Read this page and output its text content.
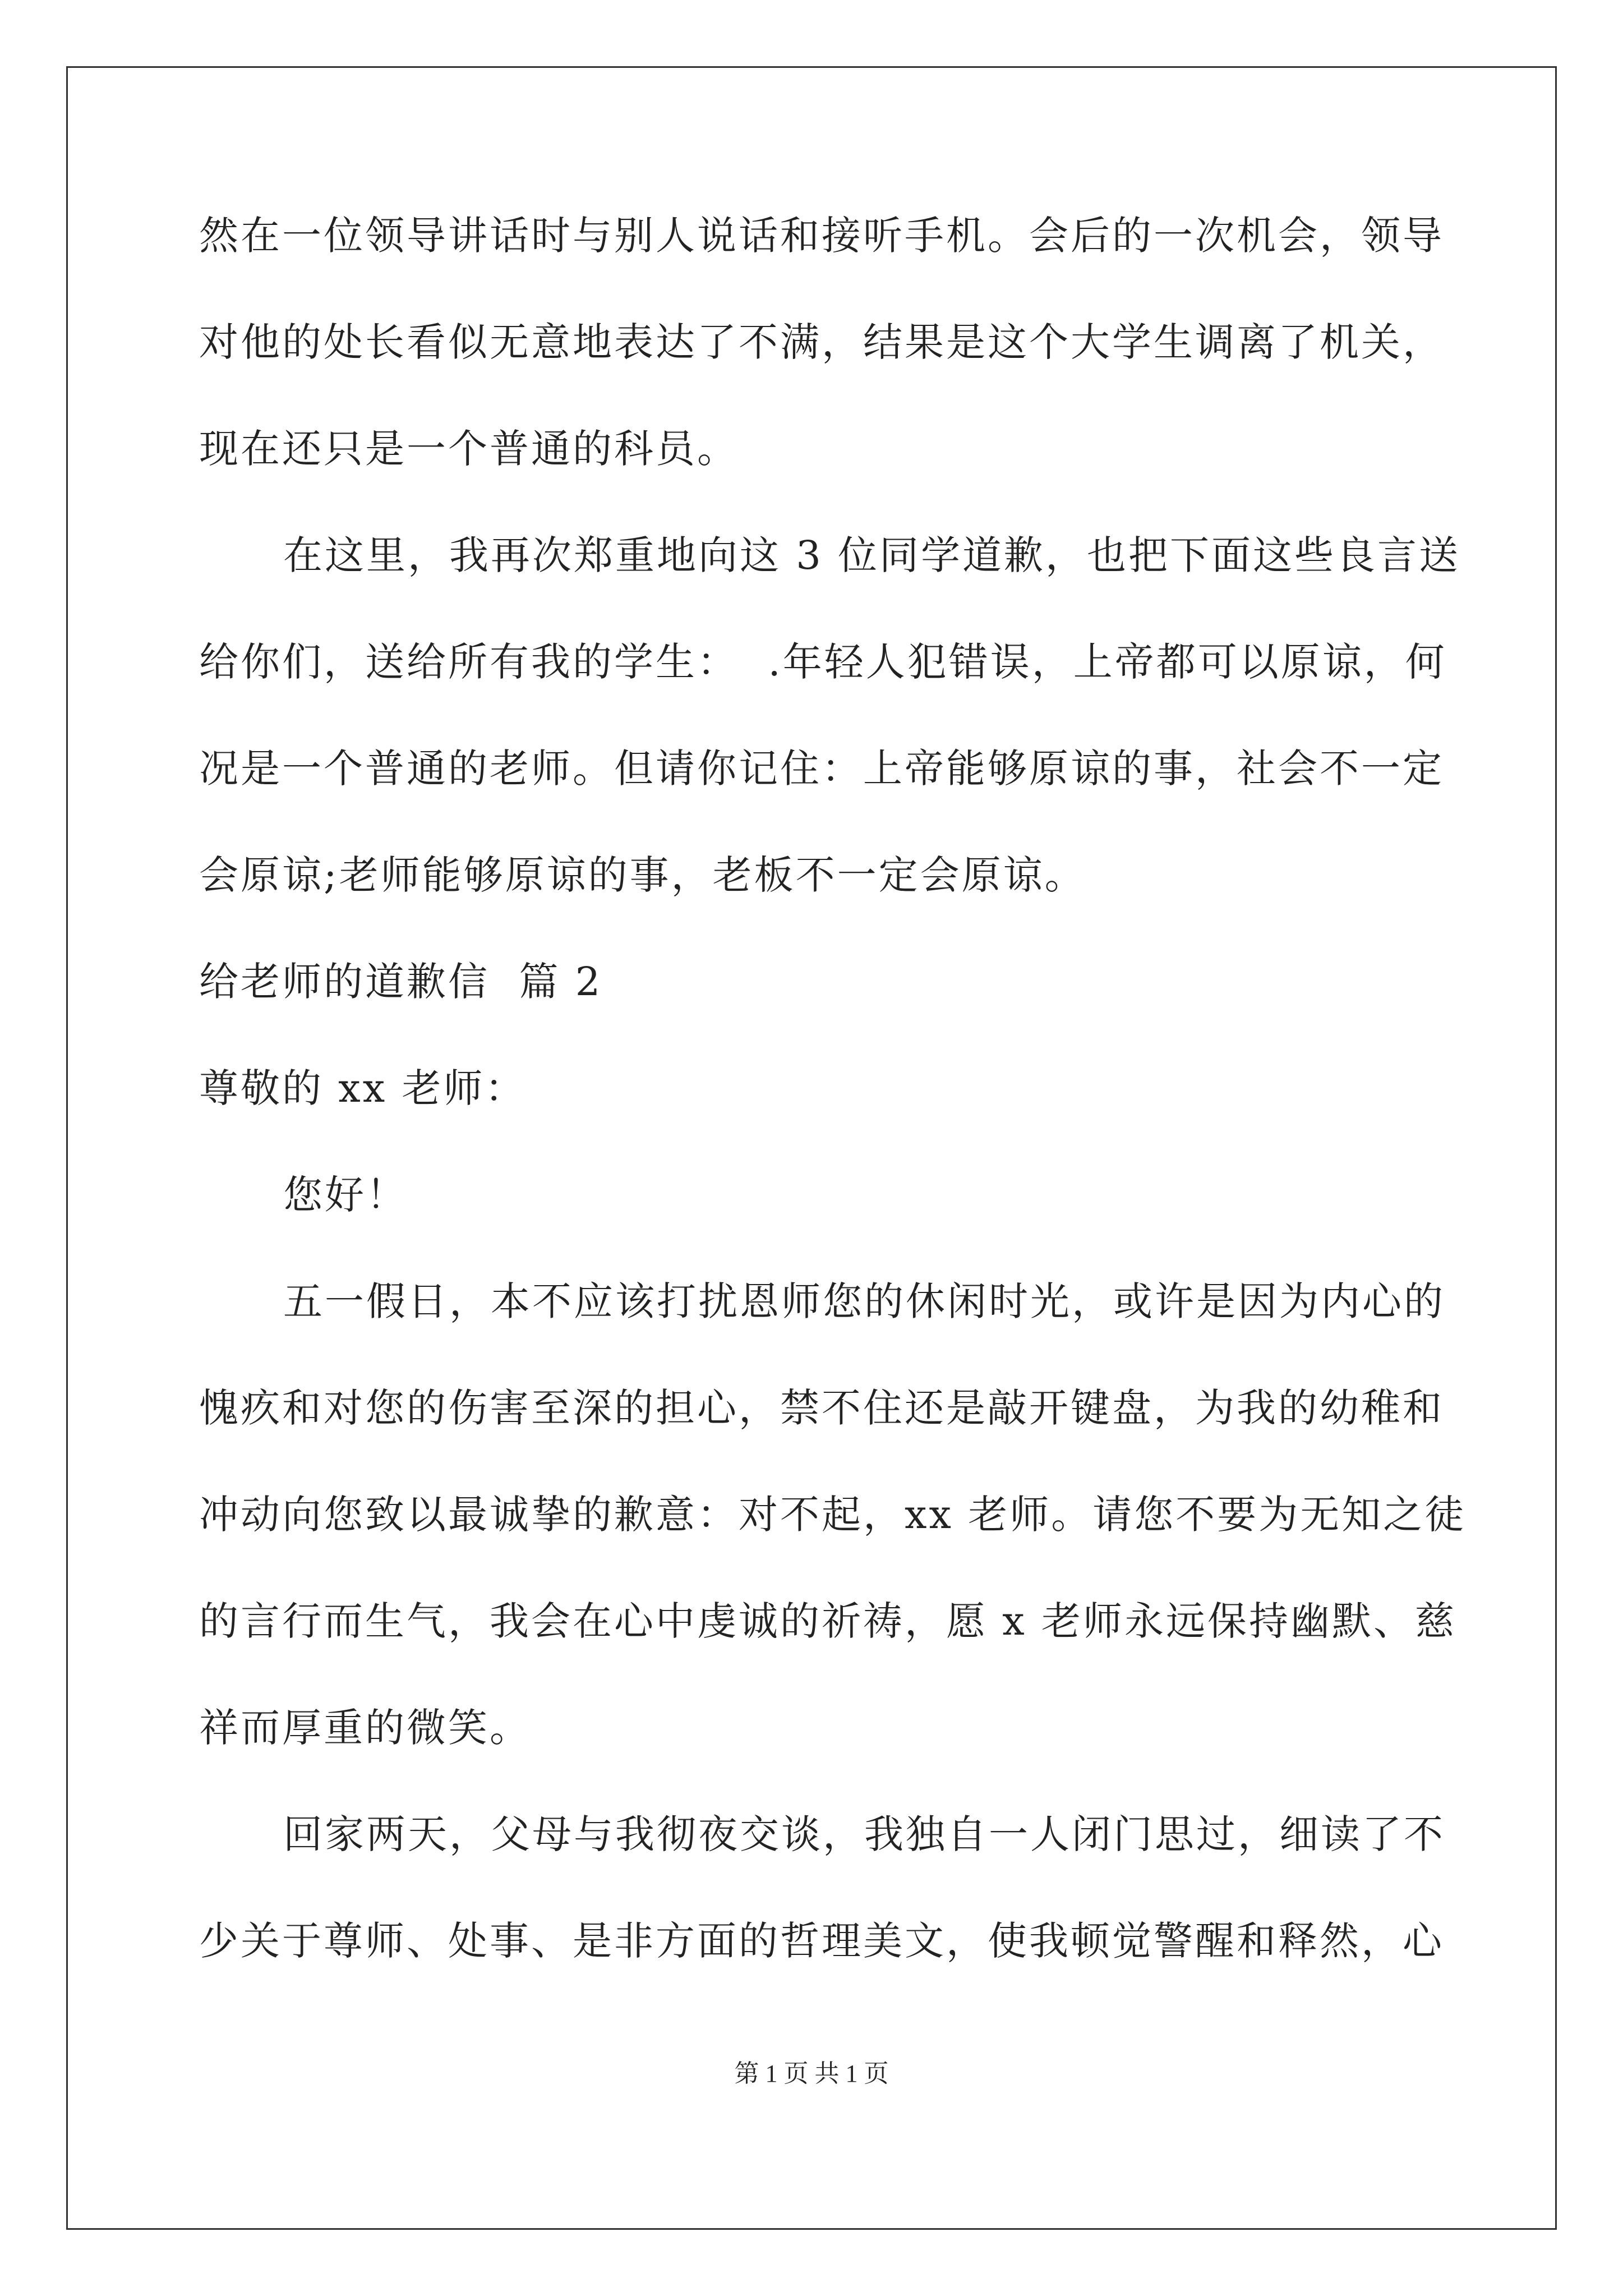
然在一位领导讲话时与别人说话和接听手机。会后的一次机会，领导
对他的处长看似无意地表达了不满，结果是这个大学生调离了机关，
现在还只是一个普通的科员。
在这里，我再次郑重地向这 3 位同学道歉，也把下面这些良言送
给你们，送给所有我的学生：  .年轻人犯错误，上帝都可以原谅，何
况是一个普通的老师。但请你记住：上帝能够原谅的事，社会不一定
会原谅;老师能够原谅的事，老板不一定会原谅。
给老师的道歉信  篇 2
尊敬的 xx 老师：
您好！
五一假日，本不应该打扰恩师您的休闲时光，或许是因为内心的
愧疚和对您的伤害至深的担心，禁不住还是敲开键盘，为我的幼稚和
冲动向您致以最诚挚的歉意：对不起，xx 老师。请您不要为无知之徒
的言行而生气，我会在心中虔诚的祈祷，愿 x 老师永远保持幽默、慈
祥而厚重的微笑。
回家两天，父母与我彻夜交谈，我独自一人闭门思过，细读了不
少关于尊师、处事、是非方面的哲理美文，使我顿觉警醒和释然，心
第 1 页 共 1 页
